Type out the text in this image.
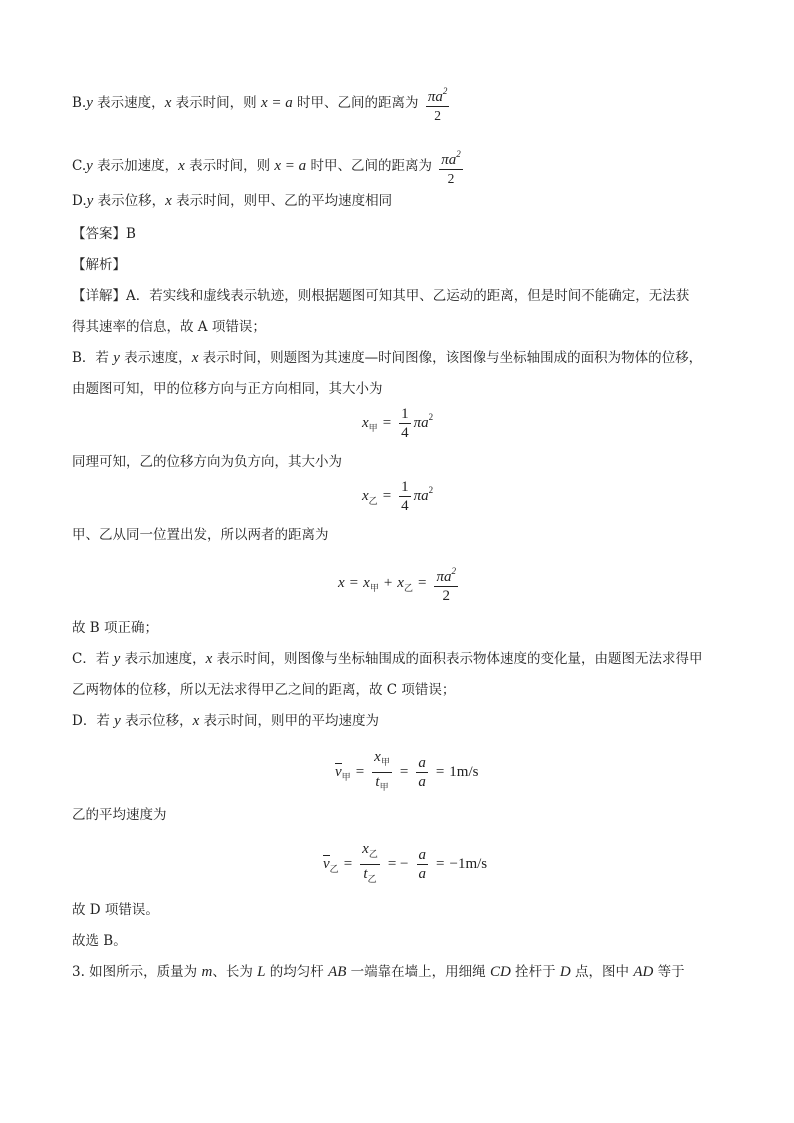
B.y 表示速度，x 表示时间，则 x = a 时甲、乙间的距离为 $\frac{\pi a^2}{2}$
C.y 表示加速度，x 表示时间，则 x = a 时甲、乙间的距离为 $\frac{\pi a^2}{2}$
D.y 表示位移，x 表示时间，则甲、乙的平均速度相同
【答案】B
【解析】
【详解】A．若实线和虚线表示轨迹，则根据题图可知其甲、乙运动的距离，但是时间不能确定，无法获
得其速率的信息，故 A 项错误；
B．若 y 表示速度，x 表示时间，则题图为其速度—时间图像，该图像与坐标轴围成的面积为物体的位移，
由题图可知，甲的位移方向与正方向相同，其大小为
$x_甲 = \frac{1}{4} \pi a^2$
同理可知，乙的位移方向为负方向，其大小为
$x_乙 = \frac{1}{4} \pi a^2$
甲、乙从同一位置出发，所以两者的距离为
$x = x_甲 + x_乙 = \frac{\pi a^2}{2}$
故 B 项正确；
C．若 y 表示加速度，x 表示时间，则图像与坐标轴围成的面积表示物体速度的变化量，由题图无法求得甲
乙两物体的位移，所以无法求得甲乙之间的距离，故 C 项错误；
D．若 y 表示位移，x 表示时间，则甲的平均速度为
$v_甲 = \frac{x_甲}{t_甲} = \frac{a}{a} = 1m/s$
乙的平均速度为
$v_乙 = \frac{x_乙}{t_乙}$ = − $\frac{a}{a} = -1m/s$
故 D 项错误。
故选 B。
3. 如图所示，质量为 m、长为 L 的均匀杆 AB 一端靠在墙上，用细绳 CD 拴杆于 D 点，图中 AD 等于
